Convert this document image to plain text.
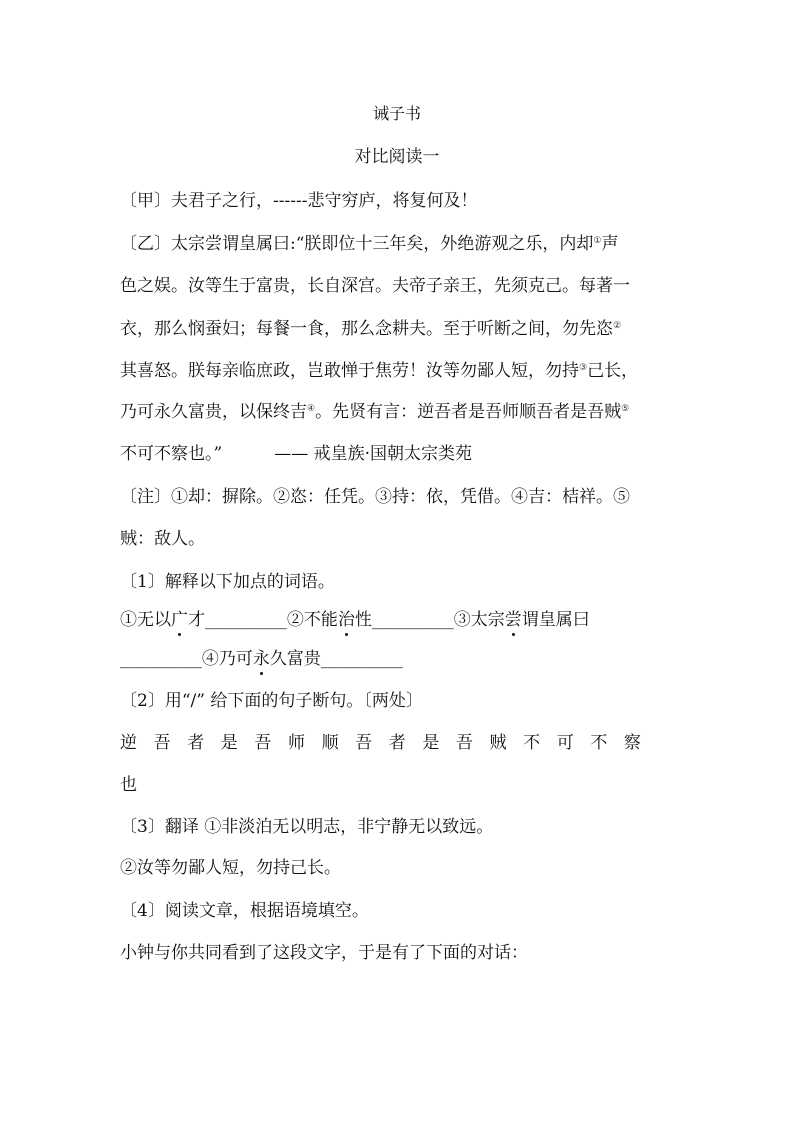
诫子书
对比阅读一
〔甲〕夫君子之行，------悲守穷庐，将复何及！
〔乙〕太宗尝谓皇属曰:“朕即位十三年矣，外绝游观之乐，内却①声
色之娱。汝等生于富贵，长自深宫。夫帝子亲王，先须克己。每著一
衣，那么悯蚕妇；每餐一食，那么念耕夫。至于听断之间，勿先恣②
其喜怒。朕每亲临庶政，岂敢惮于焦劳！汝等勿鄙人短，勿持③己长，
乃可永久富贵，以保终吉④。先贤有言：逆吾者是吾师顺吾者是吾贼⑤
不可不察也。”	—— 戒皇族·国朝太宗类苑
〔注〕①却：摒除。②恣：任凭。③持：依，凭借。④吉：桔祥。⑤
贼：敌人。
〔1〕解释以下加点的词语。
①无以广才________②不能治性________③太宗尝谓皇属曰
________④乃可永久富贵________
〔2〕用“/” 给下面的句子断句。〔两处〕
逆 吾 者 是 吾 师 顺 吾 者 是 吾 贼 不 可 不 察
也
〔3〕翻译 ①非淡泊无以明志，非宁静无以致远。
②汝等勿鄙人短，勿持己长。
〔4〕阅读文章，根据语境填空。
小钟与你共同看到了这段文字，于是有了下面的对话：
